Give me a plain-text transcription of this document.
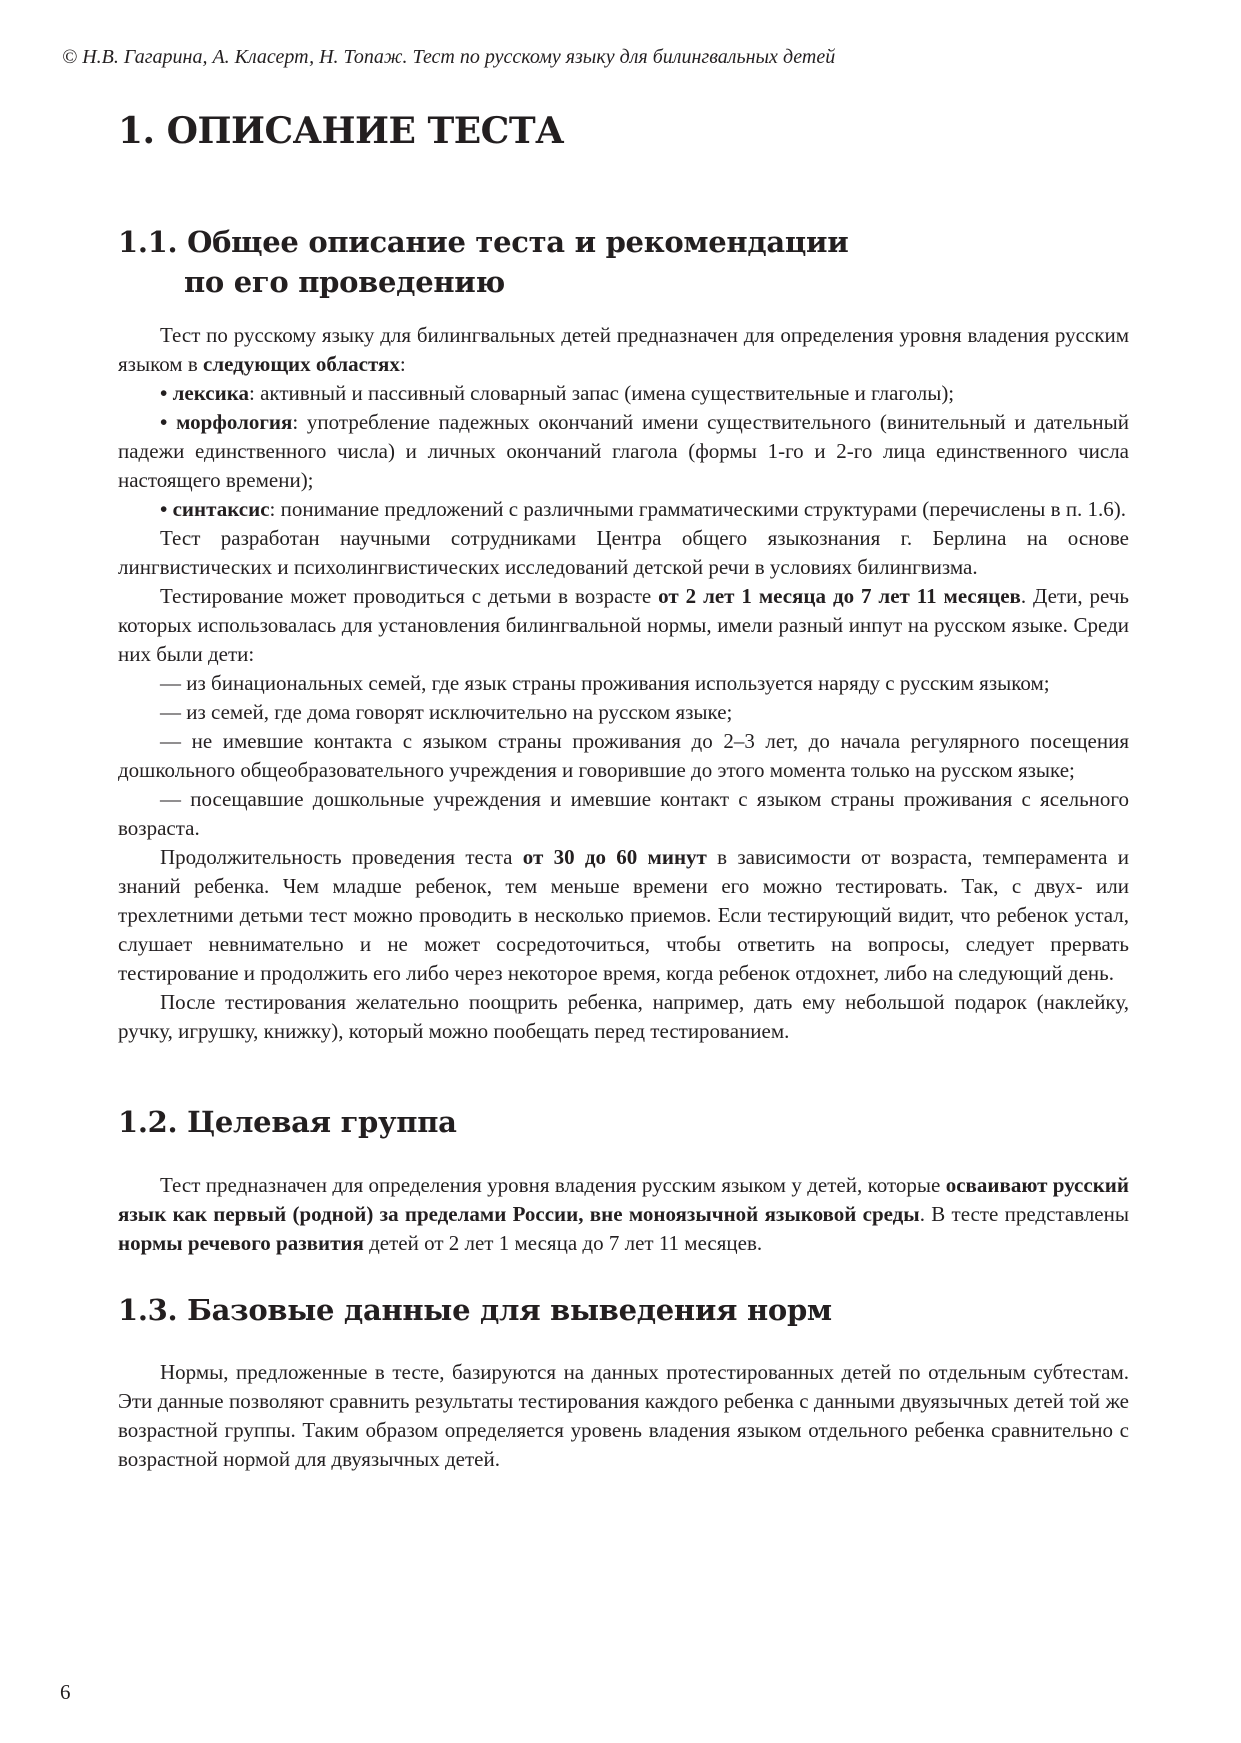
© Н.В. Гагарина, А. Класерт, Н. Топаж. Тест по русскому языку для билингвальных детей
1. ОПИСАНИЕ ТЕСТА
1.1. Общее описание теста и рекомендации
по его проведению

Тест по русскому языку для билингвальных детей предназначен для определения уровня владения русским языком в следующих областях:

• лексика: активный и пассивный словарный запас (имена существительные и глаголы);

• морфология: употребление падежных окончаний имени существительного (винительный и дательный падежи единственного числа) и личных окончаний глагола (формы 1-го и 2-го лица единственного числа настоящего времени);

• синтаксис: понимание предложений с различными грамматическими структурами (перечислены в п. 1.6).

Тест разработан научными сотрудниками Центра общего языкознания г. Берлина на основе лингвистических и психолингвистических исследований детской речи в условиях билингвизма.

Тестирование может проводиться с детьми в возрасте от 2 лет 1 месяца до 7 лет 11 месяцев. Дети, речь которых использовалась для установления билингвальной нормы, имели разный инпут на русском языке. Среди них были дети:

— из бинациональных семей, где язык страны проживания используется наряду с русским языком;

— из семей, где дома говорят исключительно на русском языке;

— не имевшие контакта с языком страны проживания до 2–3 лет, до начала регулярного посещения дошкольного общеобразовательного учреждения и говорившие до этого момента только на русском языке;

— посещавшие дошкольные учреждения и имевшие контакт с языком страны проживания с ясельного возраста.

Продолжительность проведения теста от 30 до 60 минут в зависимости от возраста, темперамента и знаний ребенка. Чем младше ребенок, тем меньше времени его можно тестировать. Так, с двух- или трехлетними детьми тест можно проводить в несколько приемов. Если тестирующий видит, что ребенок устал, слушает невнимательно и не может сосредоточиться, чтобы ответить на вопросы, следует прервать тестирование и продолжить его либо через некоторое время, когда ребенок отдохнет, либо на следующий день.

После тестирования желательно поощрить ребенка, например, дать ему небольшой подарок (наклейку, ручку, игрушку, книжку), который можно пообещать перед тестированием.

1.2. Целевая группа

Тест предназначен для определения уровня владения русским языком у детей, которые осваивают русский язык как первый (родной) за пределами России, вне моноязычной языковой среды. В тесте представлены нормы речевого развития детей от 2 лет 1 месяца до 7 лет 11 месяцев.

1.3. Базовые данные для выведения норм

Нормы, предложенные в тесте, базируются на данных протестированных детей по отдельным субтестам. Эти данные позволяют сравнить результаты тестирования каждого ребенка с данными двуязычных детей той же возрастной группы. Таким образом определяется уровень владения языком отдельного ребенка сравнительно с возрастной нормой для двуязычных детей.

6
